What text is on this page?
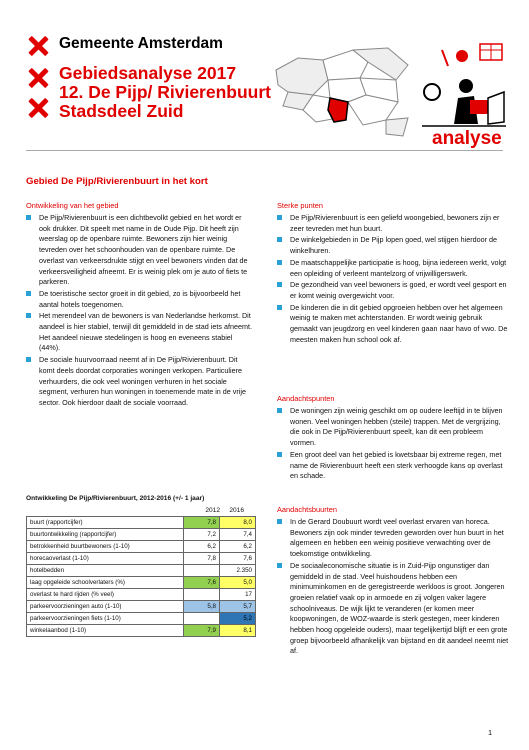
Gemeente Amsterdam
Gebiedsanalyse 2017
12. De Pijp/ Rivierenbuurt
Stadsdeel Zuid
analyse
Gebied De Pijp/Rivierenbuurt in het kort
Ontwikkeling van het gebied
De Pijp/Rivierenbuurt is een dichtbevolkt gebied en het wordt er ook drukker. Dit speelt met name in de Oude Pijp. Dit heeft zijn weerslag op de openbare ruimte. Bewoners zijn hier weinig tevreden over het schoonhouden van de openbare ruimte. De overlast van verkeersdrukte stijgt en veel bewoners vinden dat de verkeersveiligheid afneemt. Er is weinig plek om je auto of fiets te parkeren.
De toeristische sector groeit in dit gebied, zo is bijvoorbeeld het aantal hotels toegenomen.
Het merendeel van de bewoners is van Nederlandse herkomst. Dit aandeel is hier stabiel, terwijl dit gemiddeld in de stad iets afneemt. Het aandeel nieuwe stedelingen is hoog en eveneens stabiel (44%).
De sociale huurvoorraad neemt af in De Pijp/Rivierenbuurt. Dit komt deels doordat corporaties woningen verkopen. Particuliere verhuurders, die ook veel woningen verhuren in het sociale segment, verhuren hun woningen in toenemende mate in de vrije sector. Ook hierdoor daalt de sociale voorraad.
Ontwikkeling De Pijp/Rivierenbuurt, 2012-2016 (+/- 1 jaar)
2012	2016
buurt (rapportcijfer)	7,8	8,0
buurtontwikkeling (rapportcijfer)	7,2	7,4
betrokkenheid buurtbewoners (1-10)	6,2	6,2
horecaoverlast (1-10)	7,8	7,6
hotelbedden		2.350
laag opgeleide schoolverlaters (%)	7,6	5,0
overlast te hard rijden (% veel)		17
parkeervoorzieningen auto (1-10)	5,8	5,7
parkeervoorzieningen fiets (1-10)		5,2
winkelaanbod (1-10)	7,9	8,1
Sterke punten
De Pijp/Rivierenbuurt is een geliefd woongebied, bewoners zijn er zeer tevreden met hun buurt.
De winkelgebieden in De Pijp lopen goed, wel stijgen hierdoor de winkelhuren.
De maatschappelijke participatie is hoog, bijna iedereen werkt, volgt een opleiding of verleent mantelzorg of vrijwilligerswerk.
De gezondheid van veel bewoners is goed, er wordt veel gesport en er komt weinig overgewicht voor.
De kinderen die in dit gebied opgroeien hebben over het algemeen weinig te maken met achterstanden. Er wordt weinig gebruik gemaakt van jeugdzorg en veel kinderen gaan naar havo of vwo. De meesten maken hun school ook af.
Aandachtspunten
De woningen zijn weinig geschikt om op oudere leeftijd in te blijven wonen. Veel woningen hebben (steile) trappen. Met de vergrijzing, die ook in De Pijp/Rivierenbuurt speelt, kan dit een probleem vormen.
Een groot deel van het gebied is kwetsbaar bij extreme regen, met name de Rivierenbuurt heeft een sterk verhoogde kans op overlast en schade.
Aandachtsbuurten
In de Gerard Doubuurt wordt veel overlast ervaren van horeca. Bewoners zijn ook minder tevreden geworden over hun buurt in het algemeen en hebben een weinig positieve verwachting over de toekomstige ontwikkeling.
De sociaaleconomische situatie is in Zuid-Pijp ongunstiger dan gemiddeld in de stad. Veel huishoudens hebben een minimuminkomen en de geregistreerde werkloos is groot. Jongeren groeien relatief vaak op in armoede en zij volgen vaker lagere schoolniveaus. De wijk lijkt te veranderen (er komen meer koopwoningen, de WOZ-waarde is sterk gestegen, meer kinderen hebben hoog opgeleide ouders), maar tegelijkertijd blijft er een grote groep bijvoorbeeld afhankelijk van bijstand en dit aandeel neemt niet af.
1
